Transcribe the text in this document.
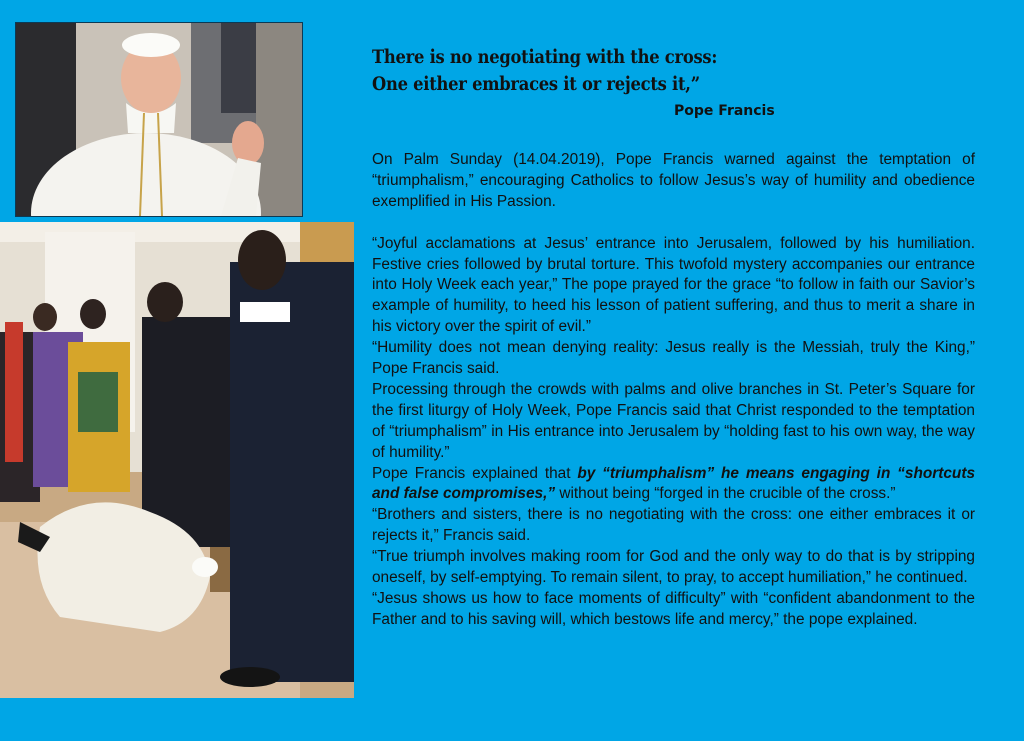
There is no negotiating with the cross:
One either embraces it or rejects it,”
Pope Francis

On Palm Sunday (14.04.2019), Pope Francis warned against the temptation of “triumphalism,” encouraging Catholics to follow Jesus’s way of humility and obedience exemplified in His Passion.

“Joyful acclamations at Jesus’ entrance into Jerusalem, followed by his humiliation. Festive cries followed by brutal torture. This twofold mystery accompanies our entrance into Holy Week each year,” The pope prayed for the grace “to follow in faith our Savior’s example of humility, to heed his lesson of patient suffering, and thus to merit a share in his victory over the spirit of evil.”

“Humility does not mean denying reality: Jesus really is the Messiah, truly the King,” Pope Francis said.

Processing through the crowds with palms and olive branches in St. Peter’s Square for the first liturgy of Holy Week, Pope Francis said that Christ responded to the temptation of “triumphalism” in His entrance into Jerusalem by “holding fast to his own way, the way of humility.”

Pope Francis explained that by “triumphalism” he means engaging in “shortcuts and false compromises,” without being “forged in the crucible of the cross.”

“Brothers and sisters, there is no negotiating with the cross: one either embraces it or rejects it,” Francis said.

“True triumph involves making room for God and the only way to do that is by stripping oneself, by self-emptying. To remain silent, to pray, to accept humiliation,” he continued.

“Jesus shows us how to face moments of difficulty” with “confident abandonment to the Father and to his saving will, which bestows life and mercy,” the pope explained.
